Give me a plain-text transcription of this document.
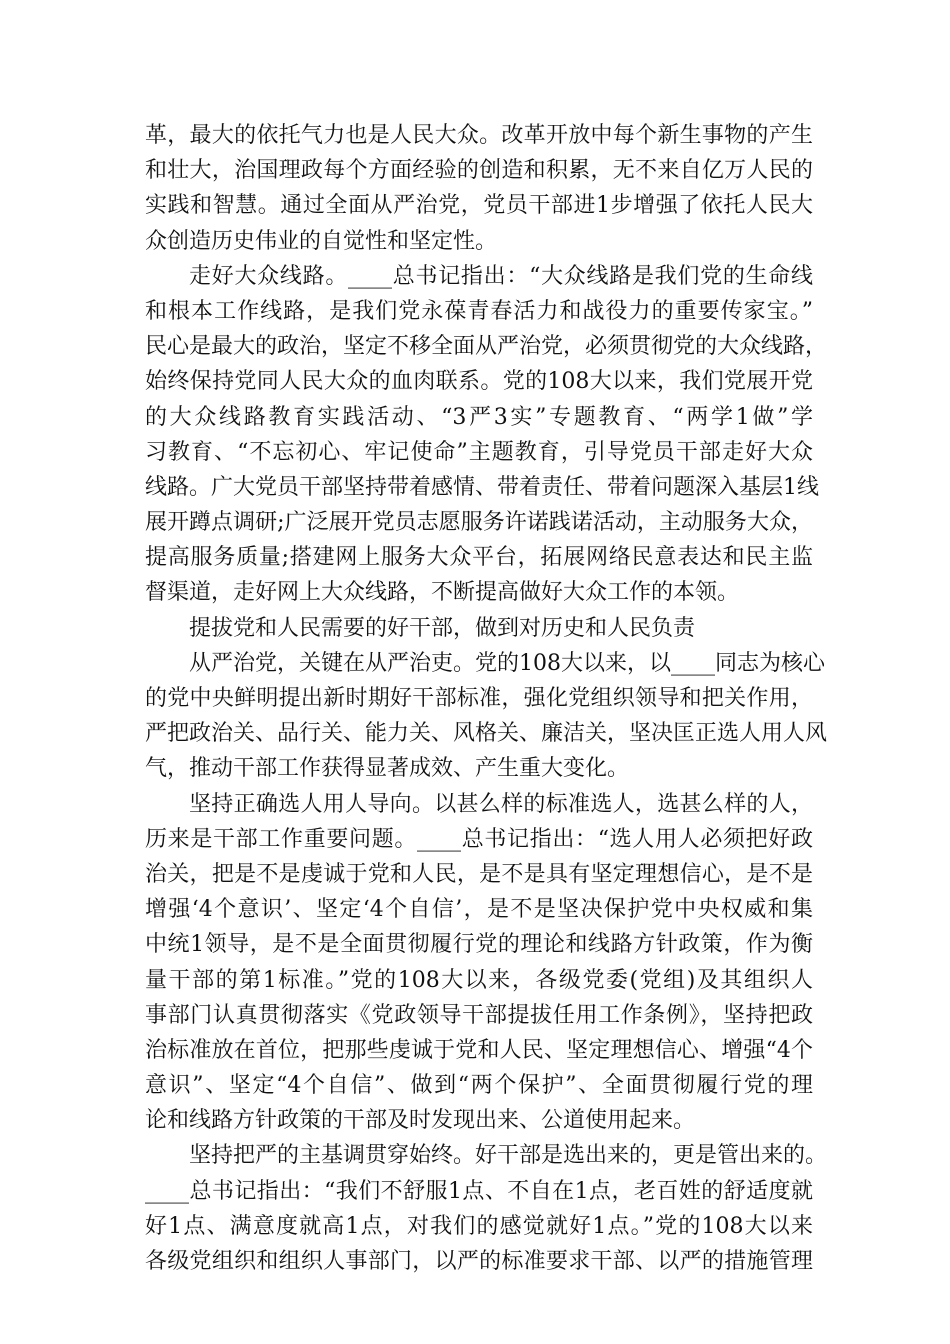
革，最大的依托气力也是人民大众。改革开放中每个新生事物的产生
和壮大，治国理政每个方面经验的创造和积累，无不来自亿万人民的
实践和智慧。通过全面从严治党，党员干部进1步增强了依托人民大
众创造历史伟业的自觉性和坚定性。
走好大众线路。____总书记指出：“大众线路是我们党的生命线
和根本工作线路，是我们党永葆青春活力和战役力的重要传家宝。”
民心是最大的政治，坚定不移全面从严治党，必须贯彻党的大众线路，
始终保持党同人民大众的血肉联系。党的108大以来，我们党展开党
的大众线路教育实践活动、“3严3实”专题教育、“两学1做”学
习教育、“不忘初心、牢记使命”主题教育，引导党员干部走好大众
线路。广大党员干部坚持带着感情、带着责任、带着问题深入基层1线
展开蹲点调研;广泛展开党员志愿服务许诺践诺活动，主动服务大众，
提高服务质量;搭建网上服务大众平台，拓展网络民意表达和民主监
督渠道，走好网上大众线路，不断提高做好大众工作的本领。
提拔党和人民需要的好干部，做到对历史和人民负责
从严治党，关键在从严治吏。党的108大以来，以____同志为核心
的党中央鲜明提出新时期好干部标准，强化党组织领导和把关作用，
严把政治关、品行关、能力关、风格关、廉洁关，坚决匡正选人用人风
气，推动干部工作获得显著成效、产生重大变化。
坚持正确选人用人导向。以甚么样的标准选人，选甚么样的人，
历来是干部工作重要问题。____总书记指出：“选人用人必须把好政
治关，把是不是虔诚于党和人民，是不是具有坚定理想信心，是不是
增强‘4个意识’、坚定‘4个自信’，是不是坚决保护党中央权威和集
中统1领导，是不是全面贯彻履行党的理论和线路方针政策，作为衡
量干部的第1标准。”党的108大以来，各级党委(党组)及其组织人
事部门认真贯彻落实《党政领导干部提拔任用工作条例》，坚持把政
治标准放在首位，把那些虔诚于党和人民、坚定理想信心、增强“4个
意识”、坚定“4个自信”、做到“两个保护”、全面贯彻履行党的理
论和线路方针政策的干部及时发现出来、公道使用起来。
坚持把严的主基调贯穿始终。好干部是选出来的，更是管出来的。
____总书记指出：“我们不舒服1点、不自在1点，老百姓的舒适度就
好1点、满意度就高1点，对我们的感觉就好1点。”党的108大以来
各级党组织和组织人事部门，以严的标准要求干部、以严的措施管理
